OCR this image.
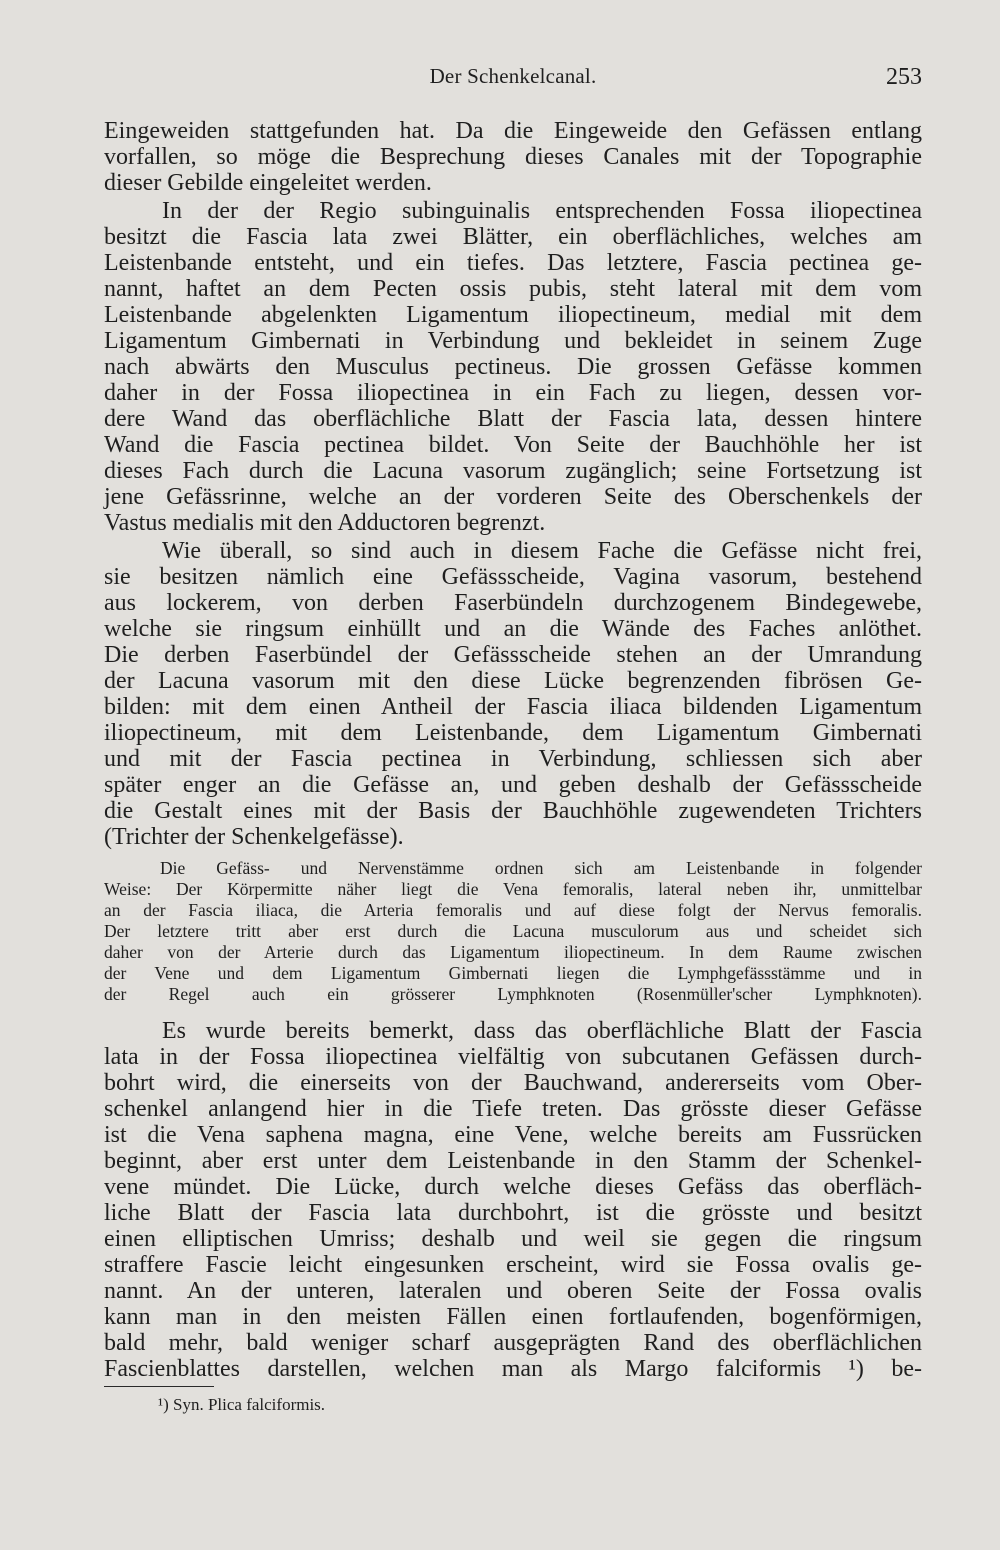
Der Schenkelcanal.	253
Eingeweiden stattgefunden hat. Da die Eingeweide den Gefässen entlang
vorfallen, so möge die Besprechung dieses Canales mit der Topographie
dieser Gebilde eingeleitet werden.
In der der Regio subinguinalis entsprechenden Fossa iliopectinea
besitzt die Fascia lata zwei Blätter, ein oberflächliches, welches am
Leistenbande entsteht, und ein tiefes. Das letztere, Fascia pectinea ge-
nannt, haftet an dem Pecten ossis pubis, steht lateral mit dem vom
Leistenbande abgelenkten Ligamentum iliopectineum, medial mit dem
Ligamentum Gimbernati in Verbindung und bekleidet in seinem Zuge
nach abwärts den Musculus pectineus. Die grossen Gefässe kommen
daher in der Fossa iliopectinea in ein Fach zu liegen, dessen vor-
dere Wand das oberflächliche Blatt der Fascia lata, dessen hintere
Wand die Fascia pectinea bildet. Von Seite der Bauchhöhle her ist
dieses Fach durch die Lacuna vasorum zugänglich; seine Fortsetzung ist
jene Gefässrinne, welche an der vorderen Seite des Oberschenkels der
Vastus medialis mit den Adductoren begrenzt.
Wie überall, so sind auch in diesem Fache die Gefässe nicht frei,
sie besitzen nämlich eine Gefässscheide, Vagina vasorum, bestehend
aus lockerem, von derben Faserbündeln durchzogenem Bindegewebe,
welche sie ringsum einhüllt und an die Wände des Faches anlöthet.
Die derben Faserbündel der Gefässscheide stehen an der Umrandung
der Lacuna vasorum mit den diese Lücke begrenzenden fibrösen Ge-
bilden: mit dem einen Antheil der Fascia iliaca bildenden Ligamentum
iliopectineum, mit dem Leistenbande, dem Ligamentum Gimbernati
und mit der Fascia pectinea in Verbindung, schliessen sich aber
später enger an die Gefässe an, und geben deshalb der Gefässscheide
die Gestalt eines mit der Basis der Bauchhöhle zugewendeten Trichters
(Trichter der Schenkelgefässe).
Die Gefäss- und Nervenstämme ordnen sich am Leistenbande in folgender
Weise: Der Körpermitte näher liegt die Vena femoralis, lateral neben ihr, unmittelbar
an der Fascia iliaca, die Arteria femoralis und auf diese folgt der Nervus femoralis.
Der letztere tritt aber erst durch die Lacuna musculorum aus und scheidet sich
daher von der Arterie durch das Ligamentum iliopectineum. In dem Raume zwischen
der Vene und dem Ligamentum Gimbernati liegen die Lymphgefässstämme und in
der Regel auch ein grösserer Lymphknoten (Rosenmüller'scher Lymphknoten).
Es wurde bereits bemerkt, dass das oberflächliche Blatt der Fascia
lata in der Fossa iliopectinea vielfältig von subcutanen Gefässen durch-
bohrt wird, die einerseits von der Bauchwand, andererseits vom Ober-
schenkel anlangend hier in die Tiefe treten. Das grösste dieser Gefässe
ist die Vena saphena magna, eine Vene, welche bereits am Fussrücken
beginnt, aber erst unter dem Leistenbande in den Stamm der Schenkel-
vene mündet. Die Lücke, durch welche dieses Gefäss das oberfläch-
liche Blatt der Fascia lata durchbohrt, ist die grösste und besitzt
einen elliptischen Umriss; deshalb und weil sie gegen die ringsum
straffere Fascie leicht eingesunken erscheint, wird sie Fossa ovalis ge-
nannt. An der unteren, lateralen und oberen Seite der Fossa ovalis
kann man in den meisten Fällen einen fortlaufenden, bogenförmigen,
bald mehr, bald weniger scharf ausgeprägten Rand des oberflächlichen
Fascienblattes darstellen, welchen man als Margo falciformis ¹) be-
¹) Syn. Plica falciformis.
